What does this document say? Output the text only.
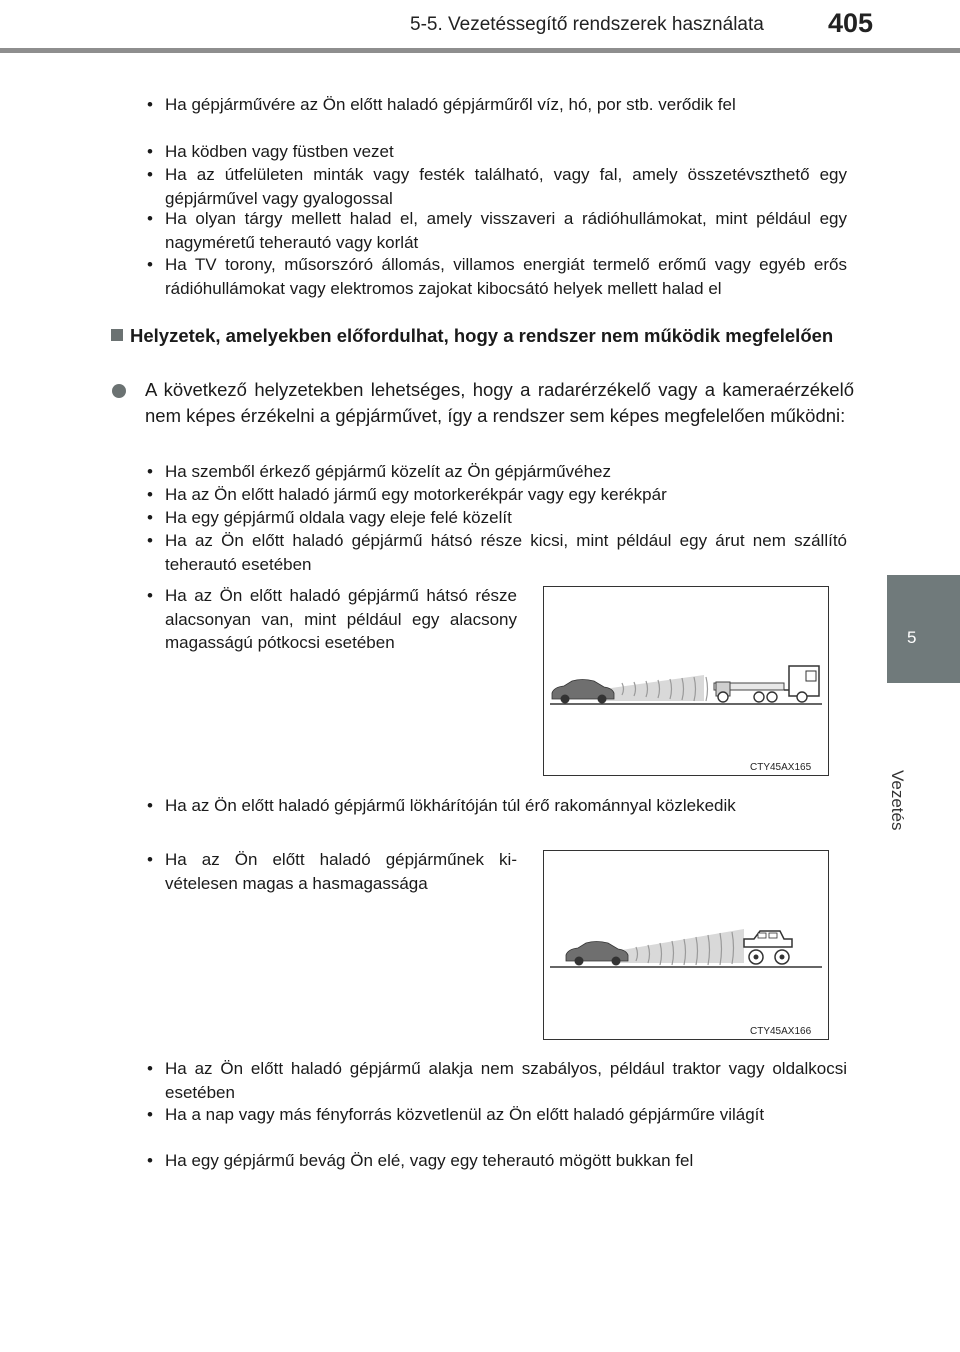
5-5. Vezetéssegítő rendszerek használata 405
5
Vezetés
• Ha gépjárművére az Ön előtt haladó gépjárműről víz, hó, por stb. verődik fel
• Ha ködben vagy füstben vezet
• Ha az útfelületen minták vagy festék található, vagy fal, amely összetévszthető egy gépjárművel vagy gyalogossal
• Ha olyan tárgy mellett halad el, amely visszaveri a rádióhullámokat, mint például egy nagyméretű teherautó vagy korlát
• Ha TV torony, műsorszóró állomás, villamos energiát termelő erőmű vagy egyéb erős rádióhullámokat vagy elektromos zajokat kibocsátó helyek mellett halad el
Helyzetek, amelyekben előfordulhat, hogy a rendszer nem működik megfelelően
A következő helyzetekben lehetséges, hogy a radarérzékelő vagy a kameraérzékelő nem képes érzékelni a gépjárművet, így a rendszer sem képes megfelelően működni:
• Ha szemből érkező gépjármű közelít az Ön gépjárművéhez
• Ha az Ön előtt haladó jármű egy motorkerékpár vagy egy kerékpár
• Ha egy gépjármű oldala vagy eleje felé közelít
• Ha az Ön előtt haladó gépjármű hátsó része kicsi, mint például egy árut nem szállító teherautó esetében
• Ha az Ön előtt haladó gépjármű hátsó része alacsonyan van, mint például egy alacsony magasságú pótkocsi esetében
CTY45AX165
• Ha az Ön előtt haladó gépjármű lökhárítóján túl érő rakománnyal közlekedik
• Ha az Ön előtt haladó gépjárműnek kivételesen magas a hasmagassága
CTY45AX166
• Ha az Ön előtt haladó gépjármű alakja nem szabályos, például traktor vagy oldalkocsi esetében
• Ha a nap vagy más fényforrás közvetlenül az Ön előtt haladó gépjárműre világít
• Ha egy gépjármű bevág Ön elé, vagy egy teherautó mögött bukkan fel
